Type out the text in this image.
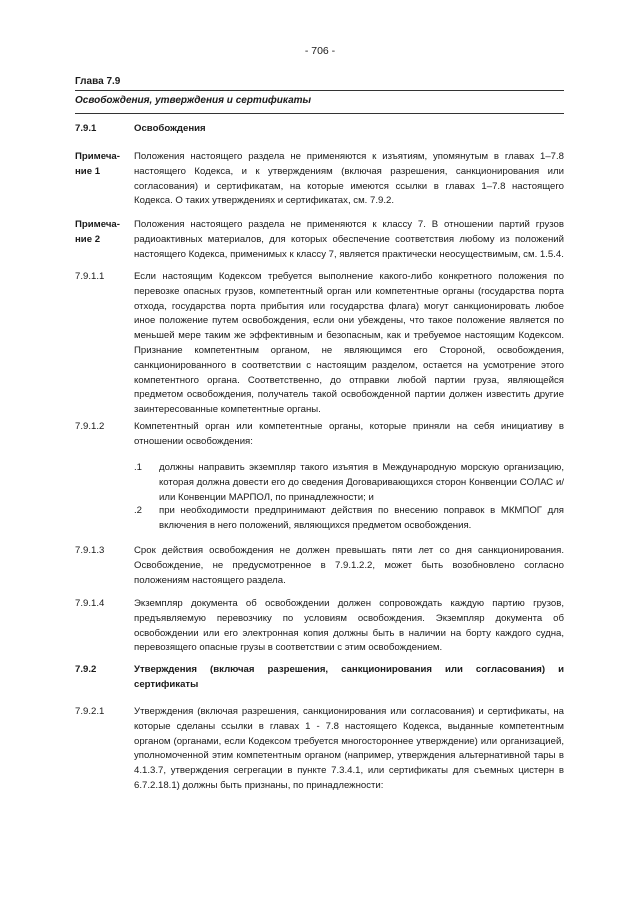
- 706 -
Глава 7.9
Освобождения, утверждения и сертификаты
7.9.1	Освобождения
Примеча-
ние 1
Положения настоящего раздела не применяются к изъятиям, упомянутым в главах 1–7.8 настоящего Кодекса, и к утверждениям (включая разрешения, санкционирования или согласования) и сертификатам, на которые имеются ссылки в главах 1–7.8 настоящего Кодекса. О таких утверждениях и сертификатах, см. 7.9.2.
Примеча-
ние 2
Положения настоящего раздела не применяются к классу 7. В отношении партий грузов радиоактивных материалов, для которых обеспечение соответствия любому из положений настоящего Кодекса, применимых к классу 7, является практически неосуществимым, см. 1.5.4.
7.9.1.1	Если настоящим Кодексом требуется выполнение какого-либо конкретного положения по перевозке опасных грузов, компетентный орган или компетентные органы (государства порта отхода, государства порта прибытия или государства флага) могут санкционировать любое иное положение путем освобождения, если они убеждены, что такое положение является по меньшей мере таким же эффективным и безопасным, как и требуемое настоящим Кодексом. Признание компетентным органом, не являющимся его Стороной, освобождения, санкционированного в соответствии с настоящим разделом, остается на усмотрение этого компетентного органа. Соответственно, до отправки любой партии груза, являющейся предметом освобождения, получатель такой освобожденной партии должен известить другие заинтересованные компетентные органы.
7.9.1.2	Компетентный орган или компетентные органы, которые приняли на себя инициативу в отношении освобождения:
.1 должны направить экземпляр такого изъятия в Международную морскую организацию, которая должна довести его до сведения Договаривающихся сторон Конвенции СОЛАС и/или Конвенции МАРПОЛ, по принадлежности; и
.2 при необходимости предпринимают действия по внесению поправок в МКМПОГ для включения в него положений, являющихся предметом освобождения.
7.9.1.3	Срок действия освобождения не должен превышать пяти лет со дня санкционирования. Освобождение, не предусмотренное в 7.9.1.2.2, может быть возобновлено согласно положениям настоящего раздела.
7.9.1.4	Экземпляр документа об освобождении должен сопровождать каждую партию грузов, предъявляемую перевозчику по условиям освобождения. Экземпляр документа об освобождении или его электронная копия должны быть в наличии на борту каждого судна, перевозящего опасные грузы в соответствии с этим освобождением.
7.9.2	Утверждения (включая разрешения, санкционирования или согласования) и сертификаты
7.9.2.1	Утверждения (включая разрешения, санкционирования или согласования) и сертификаты, на которые сделаны ссылки в главах 1 - 7.8 настоящего Кодекса, выданные компетентным органом (органами, если Кодексом требуется многостороннее утверждение) или организацией, уполномоченной этим компетентным органом (например, утверждения альтернативной тары в 4.1.3.7, утверждения сегрегации в пункте 7.3.4.1, или сертификаты для съемных цистерн в 6.7.2.18.1) должны быть признаны, по принадлежности:
